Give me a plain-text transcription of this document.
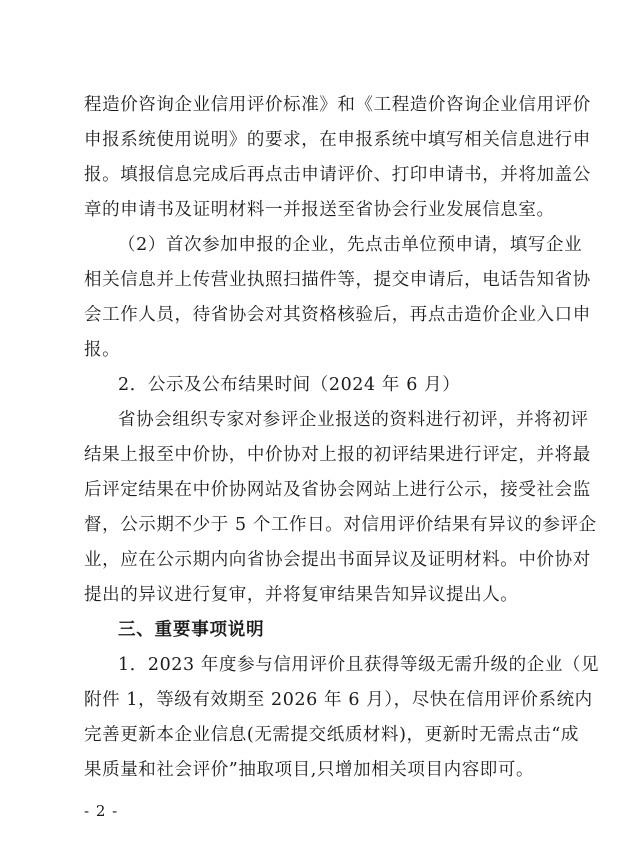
程造价咨询企业信用评价标准》和《工程造价咨询企业信用评价
申报系统使用说明》的要求，在申报系统中填写相关信息进行申
报。填报信息完成后再点击申请评价、打印申请书，并将加盖公
章的申请书及证明材料一并报送至省协会行业发展信息室。
（2）首次参加申报的企业，先点击单位预申请，填写企业
相关信息并上传营业执照扫描件等，提交申请后，电话告知省协
会工作人员，待省协会对其资格核验后，再点击造价企业入口申
报。
2．公示及公布结果时间（2024 年 6 月）
省协会组织专家对参评企业报送的资料进行初评，并将初评
结果上报至中价协，中价协对上报的初评结果进行评定，并将最
后评定结果在中价协网站及省协会网站上进行公示，接受社会监
督，公示期不少于 5 个工作日。对信用评价结果有异议的参评企
业，应在公示期内向省协会提出书面异议及证明材料。中价协对
提出的异议进行复审，并将复审结果告知异议提出人。
三、重要事项说明
1．2023 年度参与信用评价且获得等级无需升级的企业（见
附件 1，等级有效期至 2026 年 6 月），尽快在信用评价系统内
完善更新本企业信息(无需提交纸质材料)，更新时无需点击“成
果质量和社会评价”抽取项目,只增加相关项目内容即可。
- 2 -
